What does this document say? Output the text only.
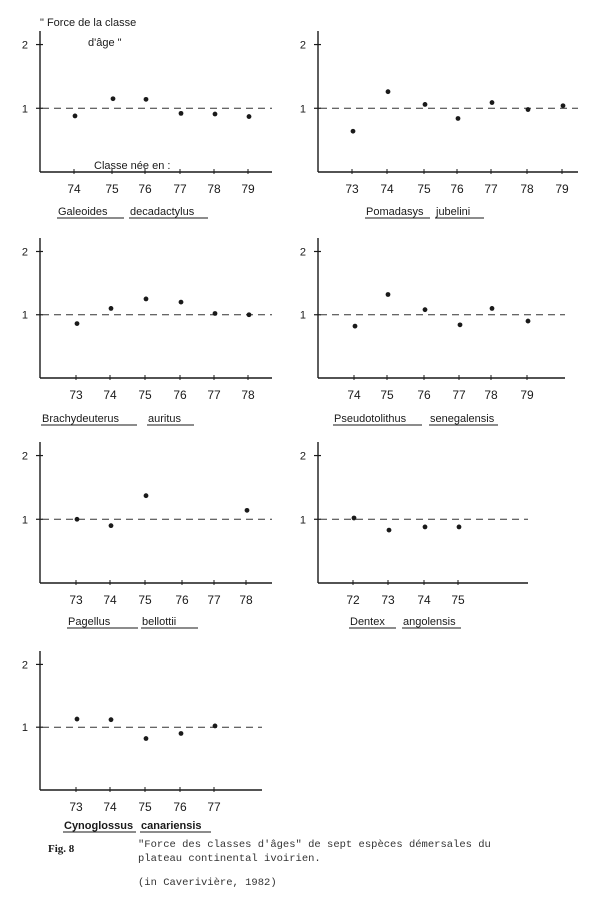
1
2
74 75 76 77 78 79
Galeoides decadactylus
" Force de la classe
d'âge "
Classe née en :
1
2
73 74 75 76 77 78 79
Pomadasys jubelini
1
2
73 74 75 76 77 78
Brachydeuterus	auritus
1
2
74 75 76 77 78 79
Pseudotolithus senegalensis
1
2
73 74 75 76 77 78
Pagellus	bellottii
1
2
72 73 74 75
Dentex angolensis
1
2
73 74 75 76 77
Cynoglossus canariensis
Fig. 8	"Force des classes d'âges" de sept espèces démersales du
plateau continental ivoirien.
(in Caverivière, 1982)
